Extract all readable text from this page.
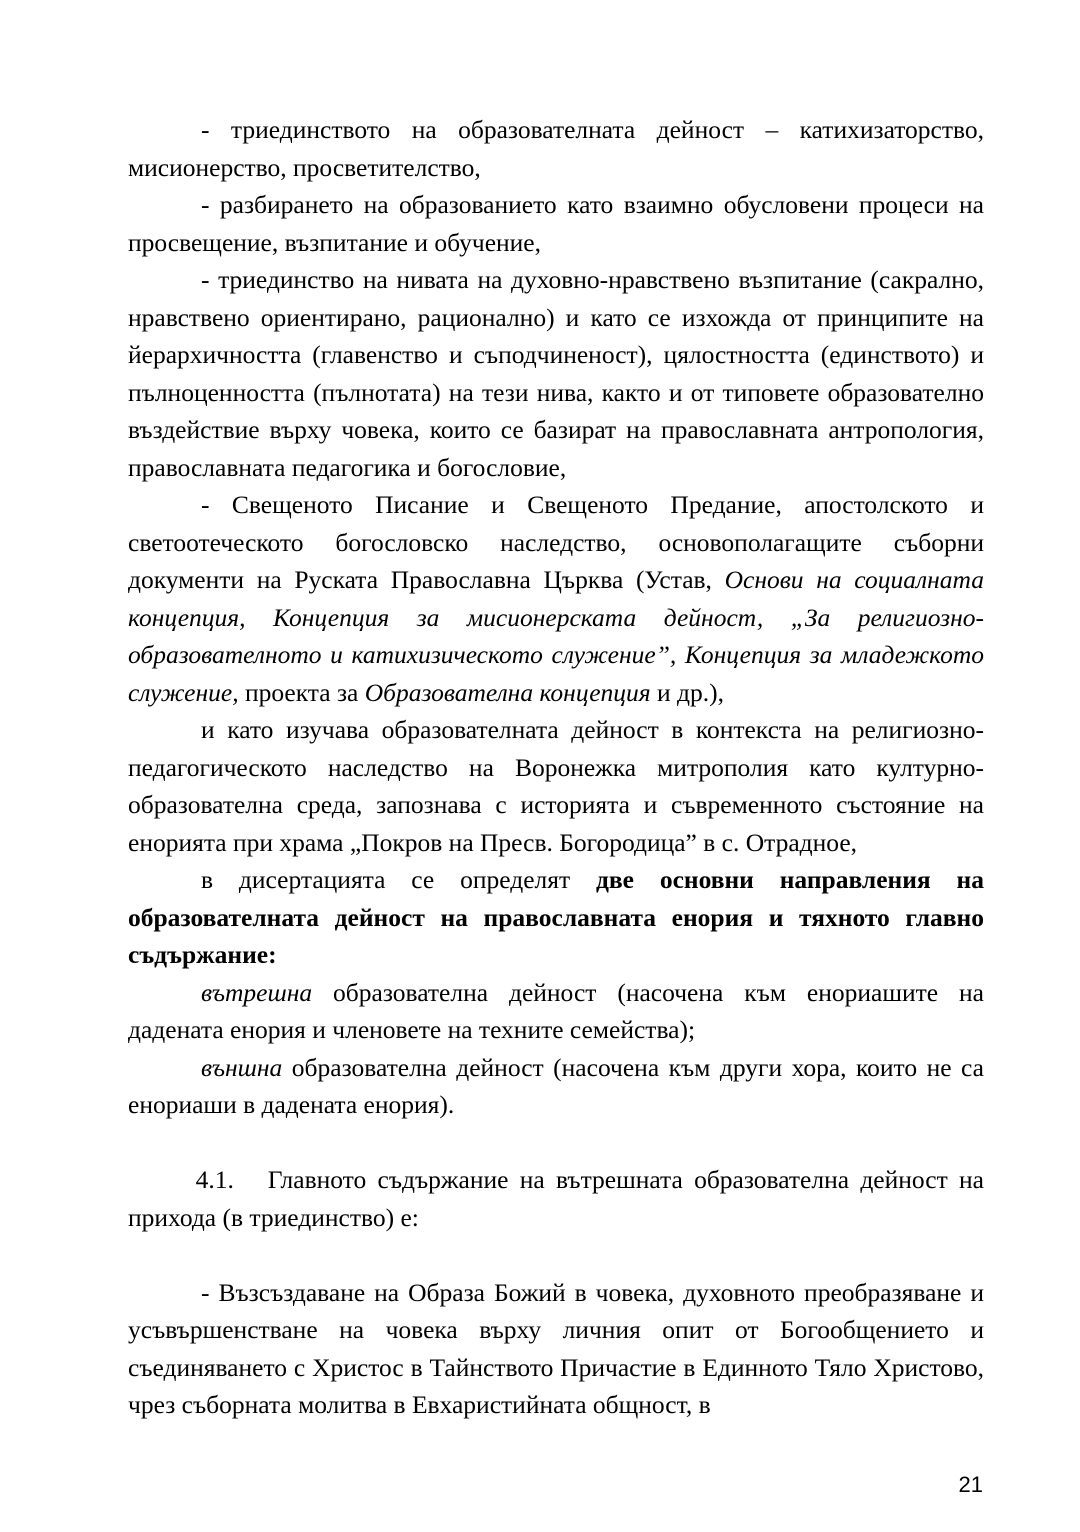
- триединството на образователната дейност – катихизаторство, мисионерство, просветителство,

- разбирането на образованието като взаимно обусловени процеси на просвещение, възпитание и обучение,

- триединство на нивата на духовно-нравствено възпитание (сакрално, нравствено ориентирано, рационално) и като се изхожда от принципите на йерархичността (главенство и съподчиненост), цялостността (единството) и пълноценността (пълнотата) на тези нива, както и от типовете образователно въздействие върху човека, които се базират на православната антропология, православната педагогика и богословие,

- Свещеното Писание и Свещеното Предание, апостолското и светоотеческото богословско наследство, основополагащите съборни документи на Руската Православна Църква (Устав, Основи на социалната концепция, Концепция за мисионерската дейност, „За религиозно-образователното и катихизическото служение”, Концепция за младежкото служение, проекта за Образователна концепция и др.),

и като изучава образователната дейност в контекста на религиозно-педагогическото наследство на Воронежка митрополия като културно-образователна среда, запознава с историята и съвременното състояние на енорията при храма „Покров на Пресв. Богородица” в с. Отрадное,

в дисертацията се определят две основни направления на образователната дейност на православната енория и тяхното главно съдържание:

вътрешна образователна дейност (насочена към енориашите на дадената енория и членовете на техните семейства);

външна образователна дейност (насочена към други хора, които не са енориаши в дадената енория).

4.1.   Главното съдържание на вътрешната образователна дейност на прихода (в триединство) е:

- Възсъздаване на Образа Божий в човека, духовното преобразяване и усъвършенстване на човека върху личния опит от Богообщението и съединяването с Христос в Тайнството Причастие в Единното Тяло Христово, чрез съборната молитва в Евхаристийната общност, в

21
